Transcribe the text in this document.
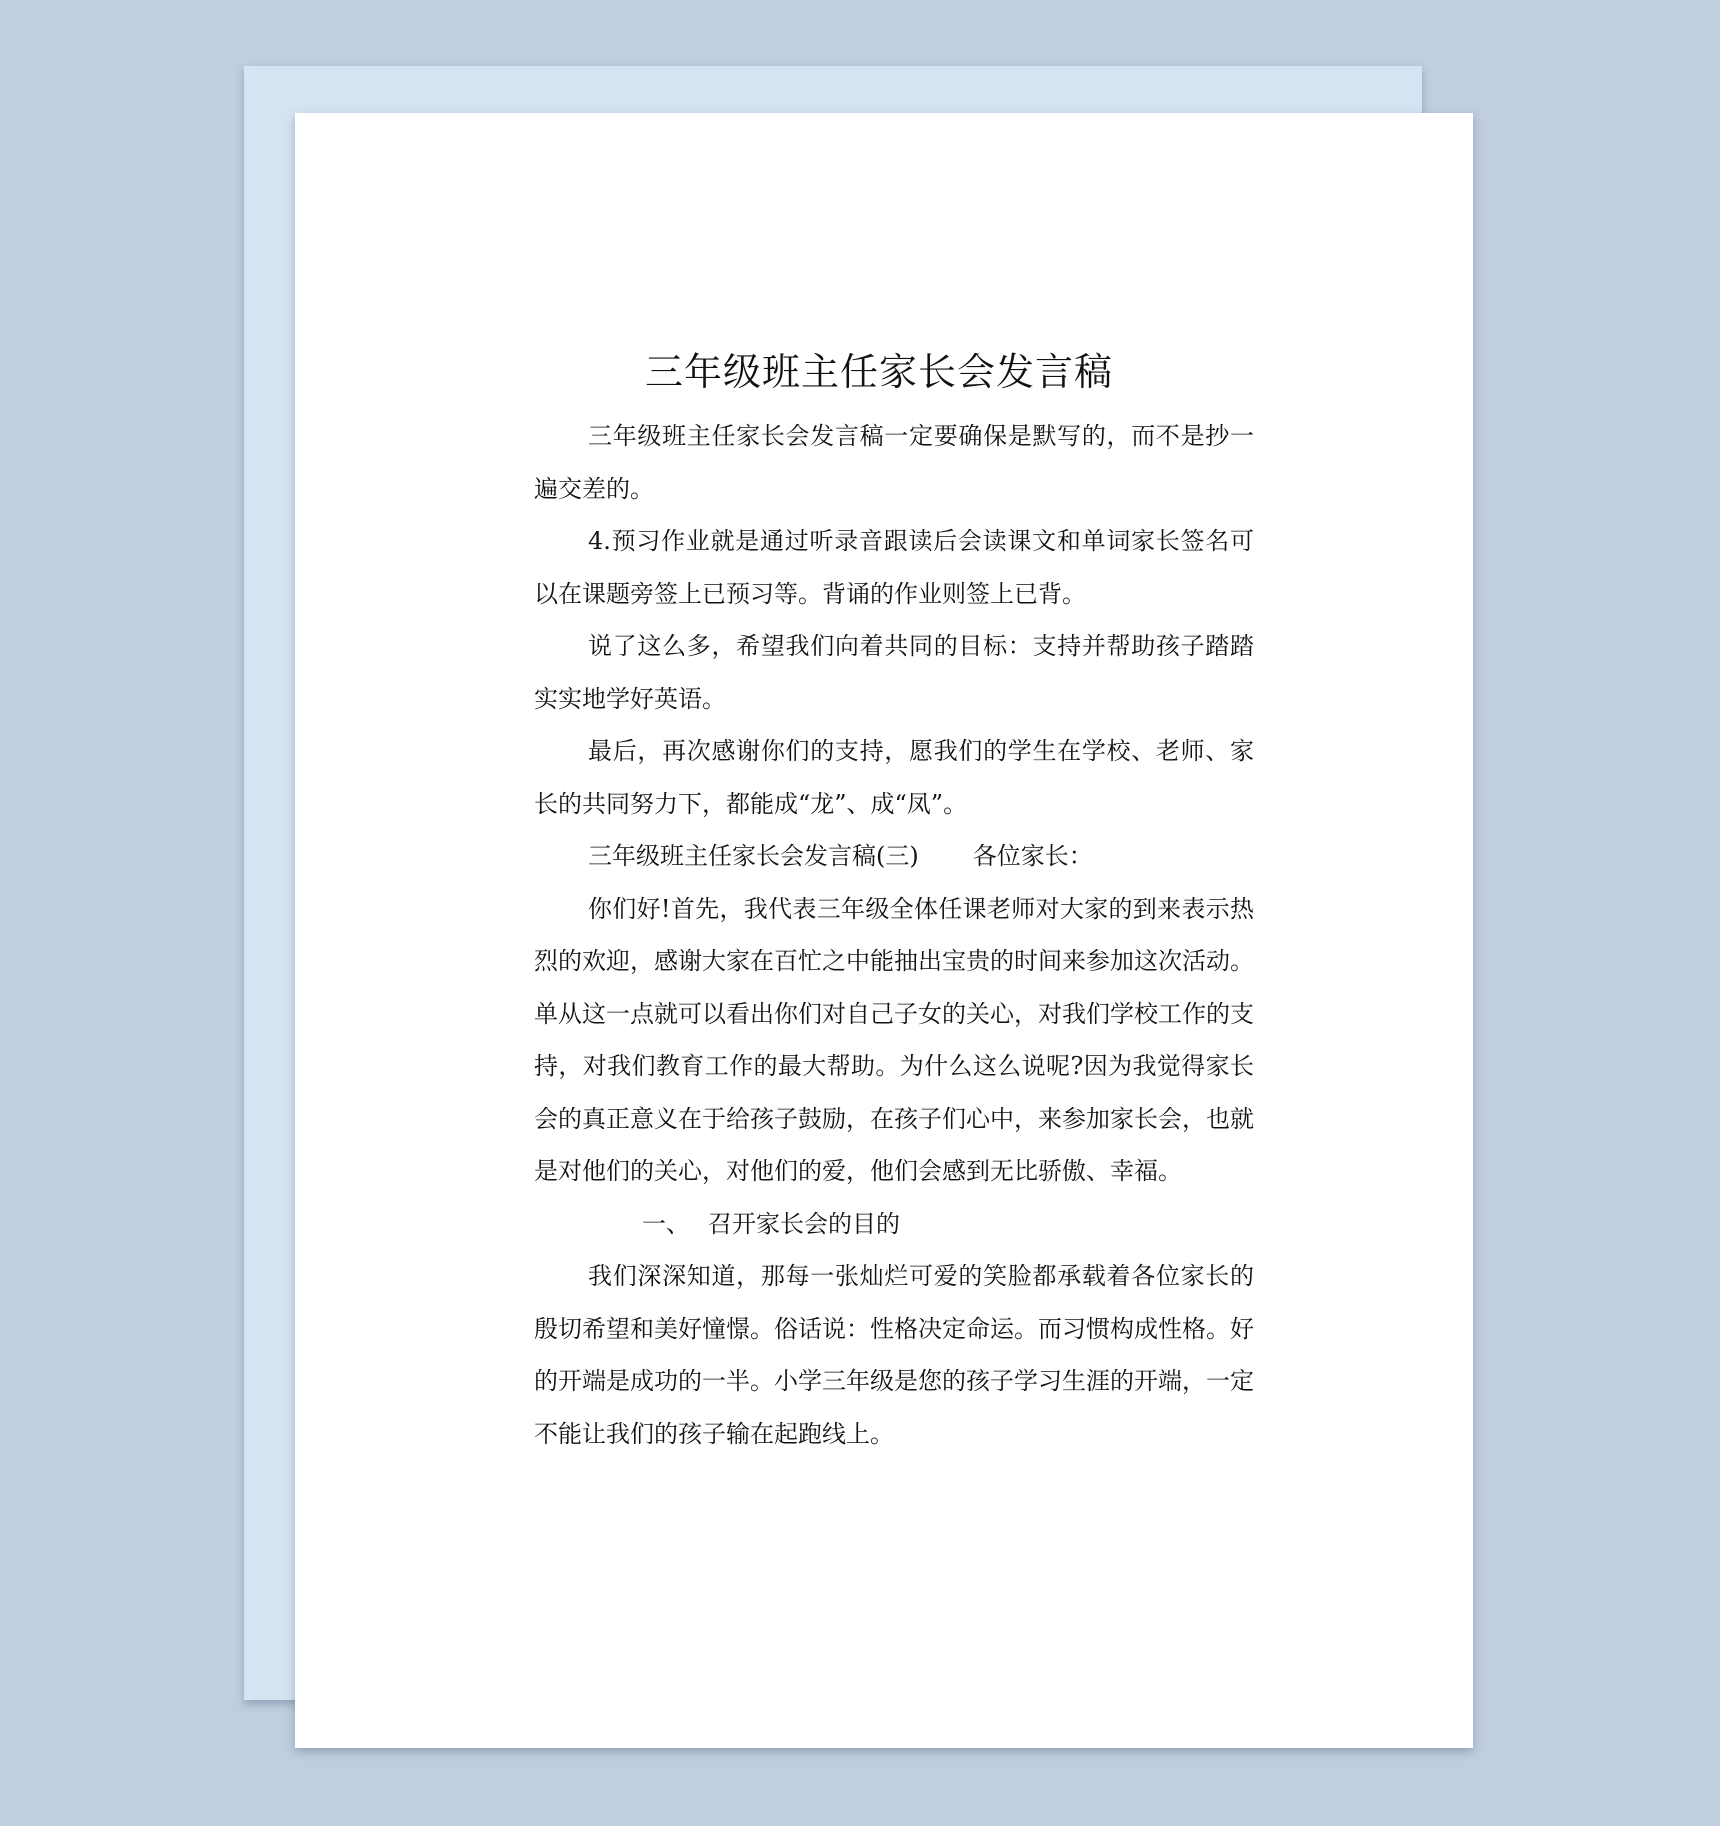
三年级班主任家长会发言稿

三年级班主任家长会发言稿一定要确保是默写的，而不是抄一遍交差的。

4.预习作业就是通过听录音跟读后会读课文和单词家长签名可以在课题旁签上已预习等。背诵的作业则签上已背。

说了这么多，希望我们向着共同的目标：支持并帮助孩子踏踏实实地学好英语。

最后，再次感谢你们的支持，愿我们的学生在学校、老师、家长的共同努力下，都能成“龙”、成“凤”。

三年级班主任家长会发言稿(三) 各位家长：

你们好!首先，我代表三年级全体任课老师对大家的到来表示热烈的欢迎，感谢大家在百忙之中能抽出宝贵的时间来参加这次活动。单从这一点就可以看出你们对自己子女的关心，对我们学校工作的支持，对我们教育工作的最大帮助。为什么这么说呢?因为我觉得家长会的真正意义在于给孩子鼓励，在孩子们心中，来参加家长会，也就是对他们的关心，对他们的爱，他们会感到无比骄傲、幸福。

一、 召开家长会的目的

我们深深知道，那每一张灿烂可爱的笑脸都承载着各位家长的殷切希望和美好憧憬。俗话说：性格决定命运。而习惯构成性格。好的开端是成功的一半。小学三年级是您的孩子学习生涯的开端，一定不能让我们的孩子输在起跑线上。
